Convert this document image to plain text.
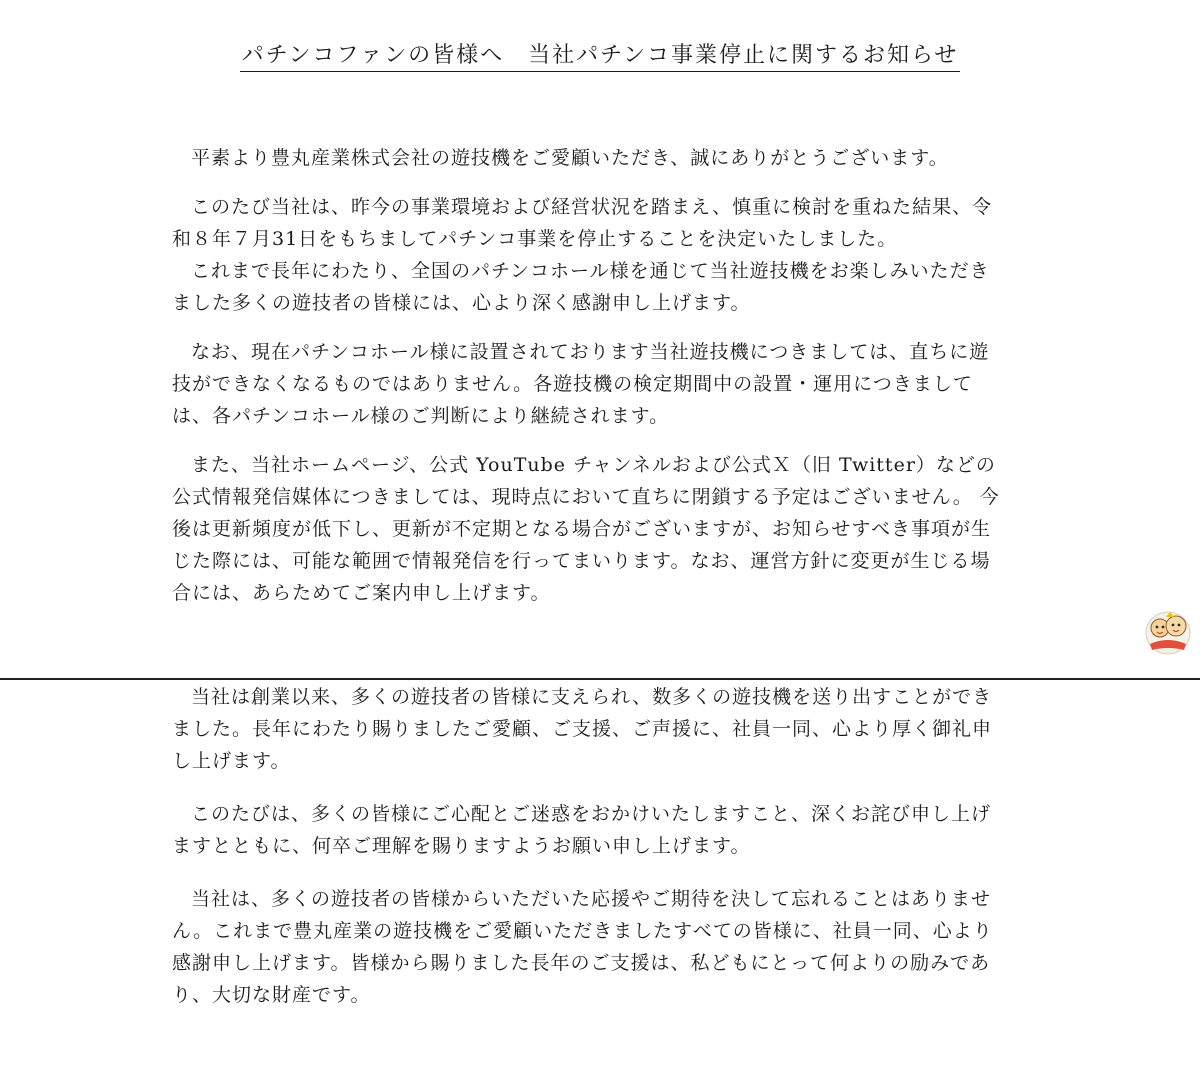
パチンコファンの皆様へ　当社パチンコ事業停止に関するお知らせ

平素より豊丸産業株式会社の遊技機をご愛顧いただき、誠にありがとうございます。

このたび当社は、昨今の事業環境および経営状況を踏まえ、慎重に検討を重ねた結果、令和８年７月31日をもちましてパチンコ事業を停止することを決定いたしました。

これまで長年にわたり、全国のパチンコホール様を通じて当社遊技機をお楽しみいただきました多くの遊技者の皆様には、心より深く感謝申し上げます。

なお、現在パチンコホール様に設置されております当社遊技機につきましては、直ちに遊技ができなくなるものではありません。各遊技機の検定期間中の設置・運用につきましては、各パチンコホール様のご判断により継続されます。

また、当社ホームページ、公式 YouTube チャンネルおよび公式Ｘ（旧 Twitter）などの公式情報発信媒体につきましては、現時点において直ちに閉鎖する予定はございません。 今後は更新頻度が低下し、更新が不定期となる場合がございますが、お知らせすべき事項が生じた際には、可能な範囲で情報発信を行ってまいります。なお、運営方針に変更が生じる場合には、あらためてご案内申し上げます。

当社は創業以来、多くの遊技者の皆様に支えられ、数多くの遊技機を送り出すことができました。長年にわたり賜りましたご愛顧、ご支援、ご声援に、社員一同、心より厚く御礼申し上げます。

このたびは、多くの皆様にご心配とご迷惑をおかけいたしますこと、深くお詫び申し上げますとともに、何卒ご理解を賜りますようお願い申し上げます。

当社は、多くの遊技者の皆様からいただいた応援やご期待を決して忘れることはありません。これまで豊丸産業の遊技機をご愛顧いただきましたすべての皆様に、社員一同、心より感謝申し上げます。皆様から賜りました長年のご支援は、私どもにとって何よりの励みであり、大切な財産です。
